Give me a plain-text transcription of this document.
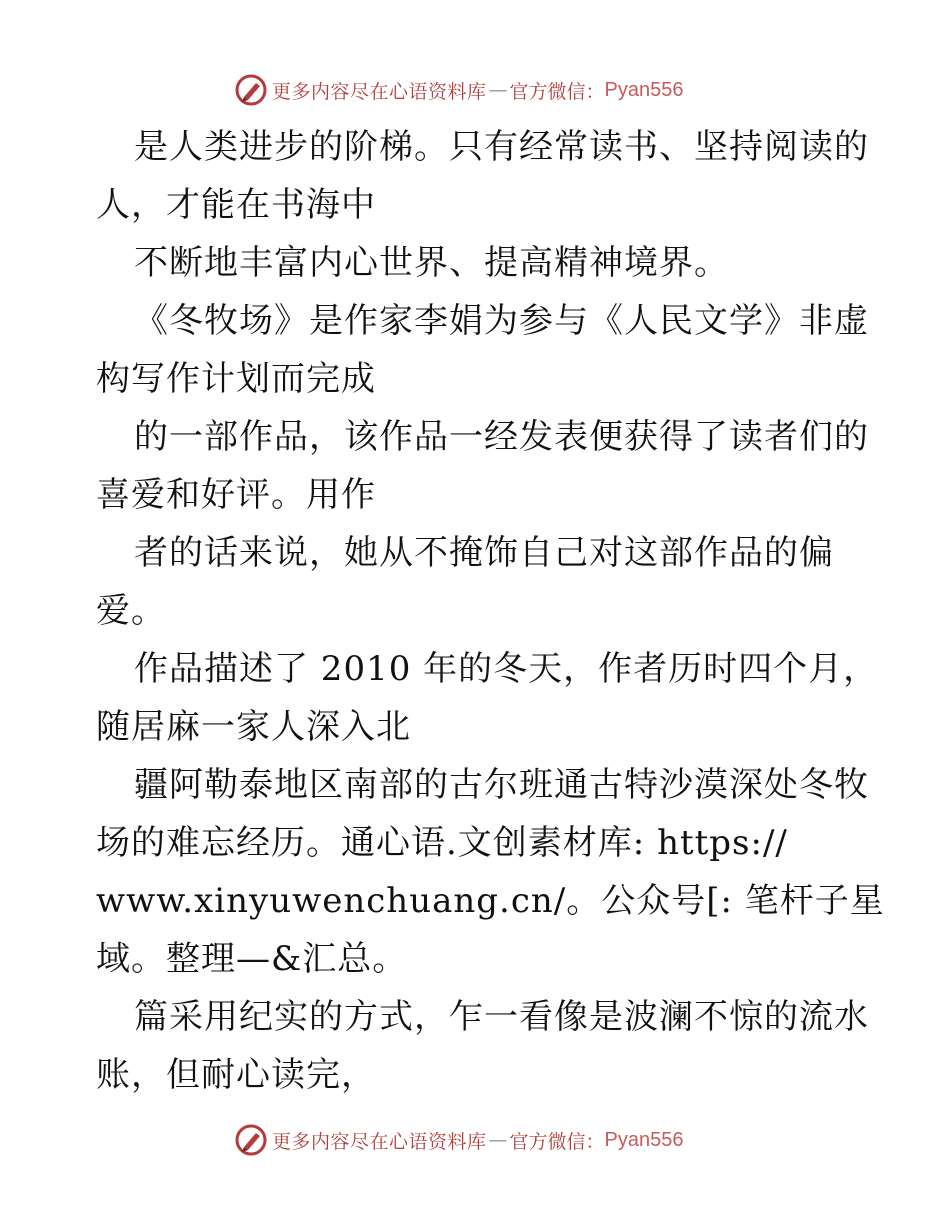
更多内容尽在心语资料库 — 官方微信： Pyan556
是人类进步的阶梯。只有经常读书、坚持阅读的
人，才能在书海中
不断地丰富内心世界、提高精神境界。
《冬牧场》是作家李娟为参与《人民文学》非虚
构写作计划而完成
的一部作品，该作品一经发表便获得了读者们的
喜爱和好评。用作
者的话来说，她从不掩饰自己对这部作品的偏
爱。
作品描述了 2010 年的冬天，作者历时四个月，
随居麻一家人深入北
疆阿勒泰地区南部的古尔班通古特沙漠深处冬牧
场的难忘经历。通心语.文创素材库: https://
www.xinyuwenchuang.cn/。公众号[: 笔杆子星
域。整理—&汇总。
篇采用纪实的方式，乍一看像是波澜不惊的流水
账，但耐心读完，
更多内容尽在心语资料库 — 官方微信： Pyan556
